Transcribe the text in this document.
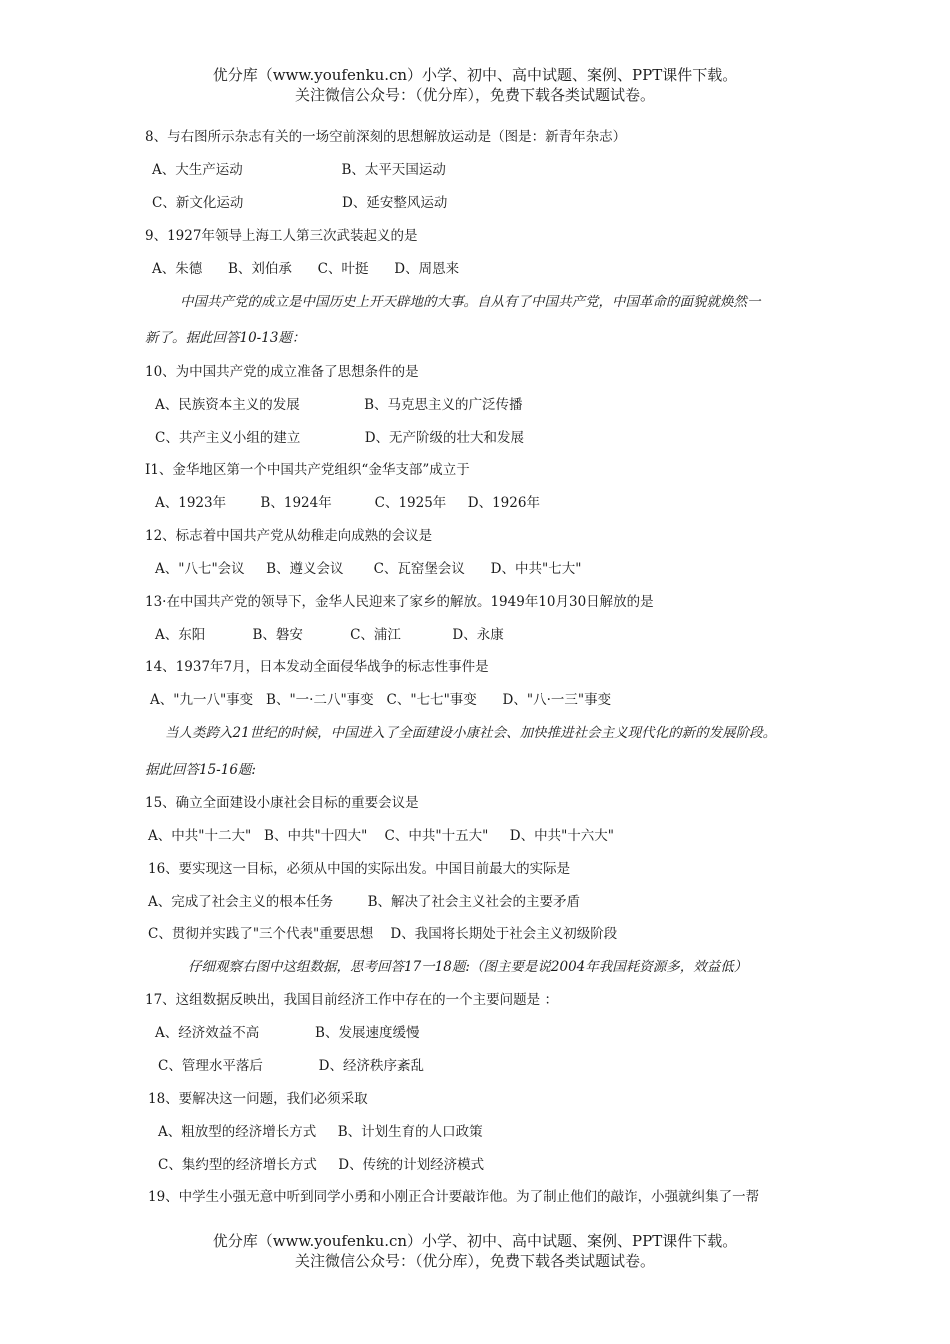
优分库（www.youfenku.cn）小学、初中、高中试题、案例、PPT课件下载。
关注微信公众号：（优分库），免费下载各类试题试卷。
8、与右图所示杂志有关的一场空前深刻的思想解放运动是（图是：新青年杂志）
A、大生产运动                       B、太平天国运动
C、新文化运动                       D、延安整风运动
9、1927年领导上海工人第三次武装起义的是
A、朱德      B、刘伯承      C、叶挺      D、周恩来
中国共产党的成立是中国历史上开天辟地的大事。自从有了中国共产党，中国革命的面貌就焕然一
新了。据此回答10-13题：
10、为中国共产党的成立准备了思想条件的是
A、民族资本主义的发展               B、马克思主义的广泛传播
C、共产主义小组的建立               D、无产阶级的壮大和发展
I1、金华地区第一个中国共产党组织“金华支部”成立于
A、1923年        B、1924年          C、1925年     D、1926年
12、标志着中国共产党从幼稚走向成熟的会议是
A、"八七"会议     B、遵义会议       C、瓦窑堡会议      D、中共"七大"
13·在中国共产党的领导下，金华人民迎来了家乡的解放。1949年10月30日解放的是
A、东阳           B、磐安           C、浦江            D、永康
14、1937年7月，日本发动全面侵华战争的标志性事件是
A、"九一八"事变   B、"一·二八"事变   C、"七七"事变      D、"八·一三"事变
当人类跨入21世纪的时候，中国进入了全面建设小康社会、加快推进社会主义现代化的新的发展阶段。
据此回答15-16题:
15、确立全面建设小康社会目标的重要会议是
A、中共"十二大"   B、中共"十四大"    C、中共"十五大"     D、中共"十六大"
16、要实现这一目标，必须从中国的实际出发。中国目前最大的实际是
A、完成了社会主义的根本任务        B、解决了社会主义社会的主要矛盾
C、贯彻并实践了"三个代表"重要思想    D、我国将长期处于社会主义初级阶段
仔细观察右图中这组数据，思考回答17一18题:（图主要是说2004年我国耗资源多，效益低）
17、这组数据反映出，我国目前经济工作中存在的一个主要问题是 ：
A、经济效益不高             B、发展速度缓慢
C、管理水平落后             D、经济秩序紊乱
18、要解决这一问题，我们必须采取
A、粗放型的经济增长方式     B、计划生育的人口政策
C、集约型的经济增长方式     D、传统的计划经济模式
19、中学生小强无意中听到同学小勇和小刚正合计要敲诈他。为了制止他们的敲诈，小强就纠集了一帮
优分库（www.youfenku.cn）小学、初中、高中试题、案例、PPT课件下载。
关注微信公众号：（优分库），免费下载各类试题试卷。
